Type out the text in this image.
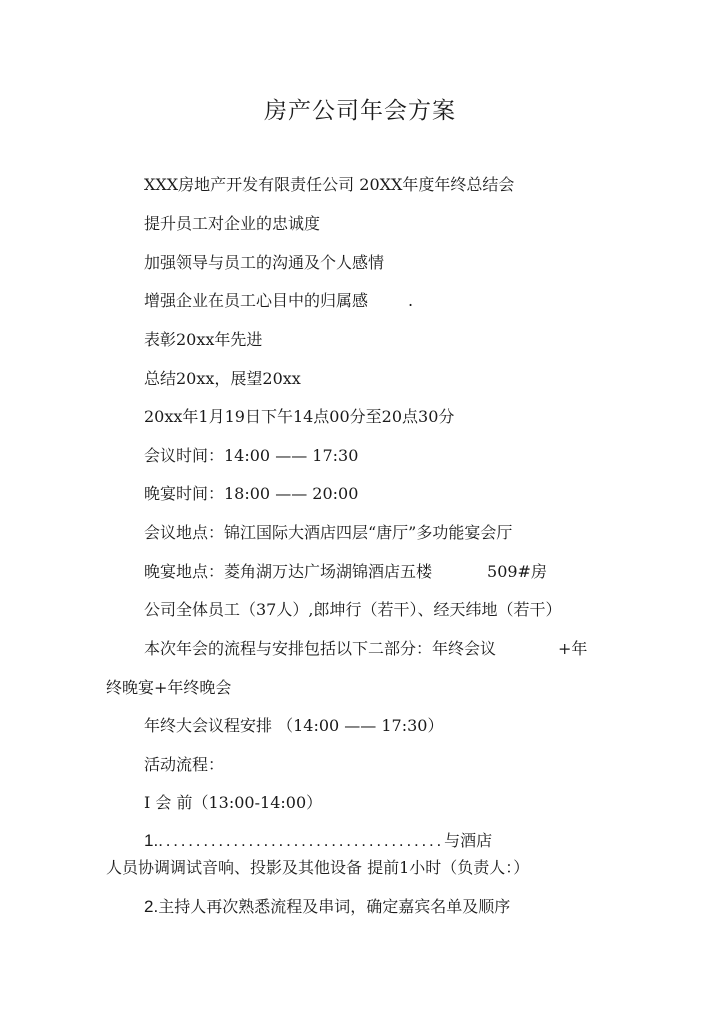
房产公司年会方案
XXX房地产开发有限责任公司 20XX年度年终总结会
提升员工对企业的忠诚度
加强领导与员工的沟通及个人感情
增强企业在员工心目中的归属感	.
表彰20xx年先进
总结20xx，展望20xx
20xx年1月19日下午14点00分至20点30分
会议时间：14:00 —— 17:30
晚宴时间：18:00 —— 20:00
会议地点：锦江国际大酒店四层“唐厅”多功能宴会厅
晚宴地点：菱角湖万达广场湖锦酒店五楼	509#房
公司全体员工（37人）,郎坤行（若干）、经天纬地（若干）
本次年会的流程与安排包括以下二部分：年终会议	+年
终晚宴+年终晚会
年终大会议程安排 （14:00 —— 17:30）
活动流程：
I 会 前（13:00-14:00）
1.......................................与酒店
人员协调调试音响、投影及其他设备 提前1小时（负责人：）
2.主持人再次熟悉流程及串词，确定嘉宾名单及顺序
